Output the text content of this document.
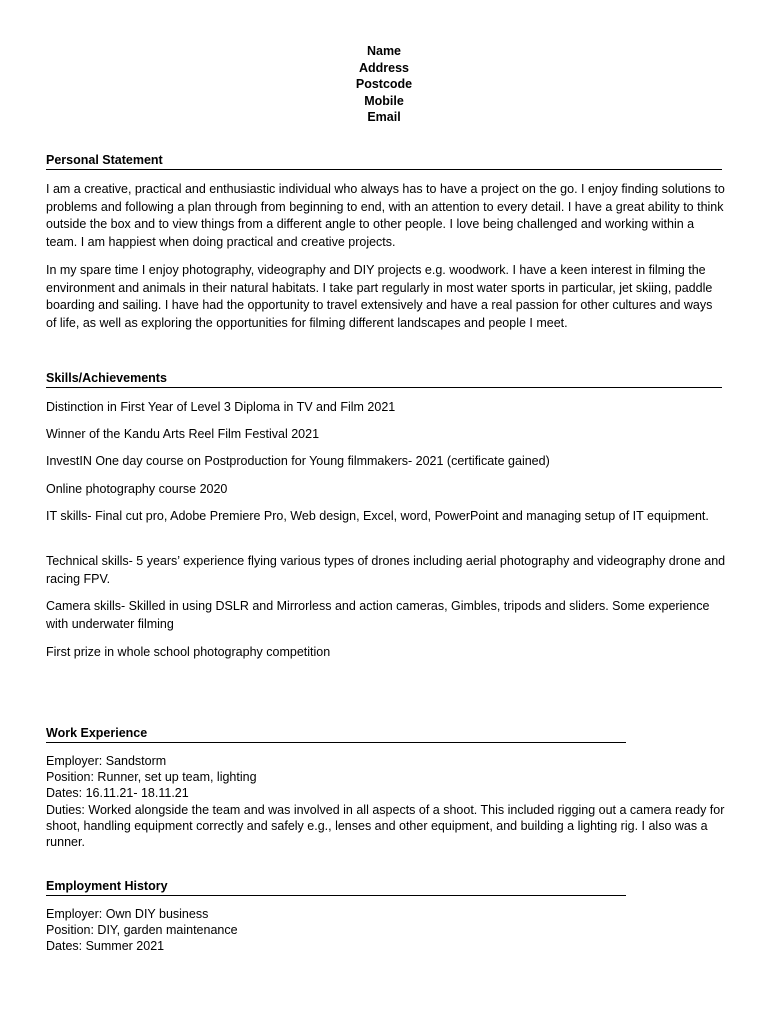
Name
Address
Postcode
Mobile
Email
Personal Statement
I am a creative, practical and enthusiastic individual who always has to have a project on the go. I enjoy finding solutions to problems and following a plan through from beginning to end, with an attention to every detail. I have a great ability to think outside the box and to view things from a different angle to other people. I love being challenged and working within a team. I am happiest when doing practical and creative projects.
In my spare time I enjoy photography, videography and DIY projects e.g. woodwork. I have a keen interest in filming the environment and animals in their natural habitats. I take part regularly in most water sports in particular, jet skiing, paddle boarding and sailing. I have had the opportunity to travel extensively and have a real passion for other cultures and ways of life, as well as exploring the opportunities for filming different landscapes and people I meet.
Skills/Achievements
Distinction in First Year of Level 3 Diploma in TV and Film 2021
Winner of the Kandu Arts Reel Film Festival 2021
InvestIN One day course on Postproduction for Young filmmakers- 2021 (certificate gained)
Online photography course 2020
IT skills- Final cut pro, Adobe Premiere Pro, Web design, Excel, word, PowerPoint and managing setup of IT equipment.
Technical skills- 5 years’ experience flying various types of drones including aerial photography and videography drone and racing FPV.
Camera skills- Skilled in using DSLR and Mirrorless and action cameras, Gimbles, tripods and sliders. Some experience with underwater filming
First prize in whole school photography competition
Work Experience
Employer: Sandstorm
Position: Runner, set up team, lighting
Dates: 16.11.21- 18.11.21
Duties: Worked alongside the team and was involved in all aspects of a shoot. This included rigging out a camera ready for shoot, handling equipment correctly and safely e.g., lenses and other equipment, and building a lighting rig. I also was a runner.
Employment History
Employer: Own DIY business
Position: DIY, garden maintenance
Dates: Summer 2021
